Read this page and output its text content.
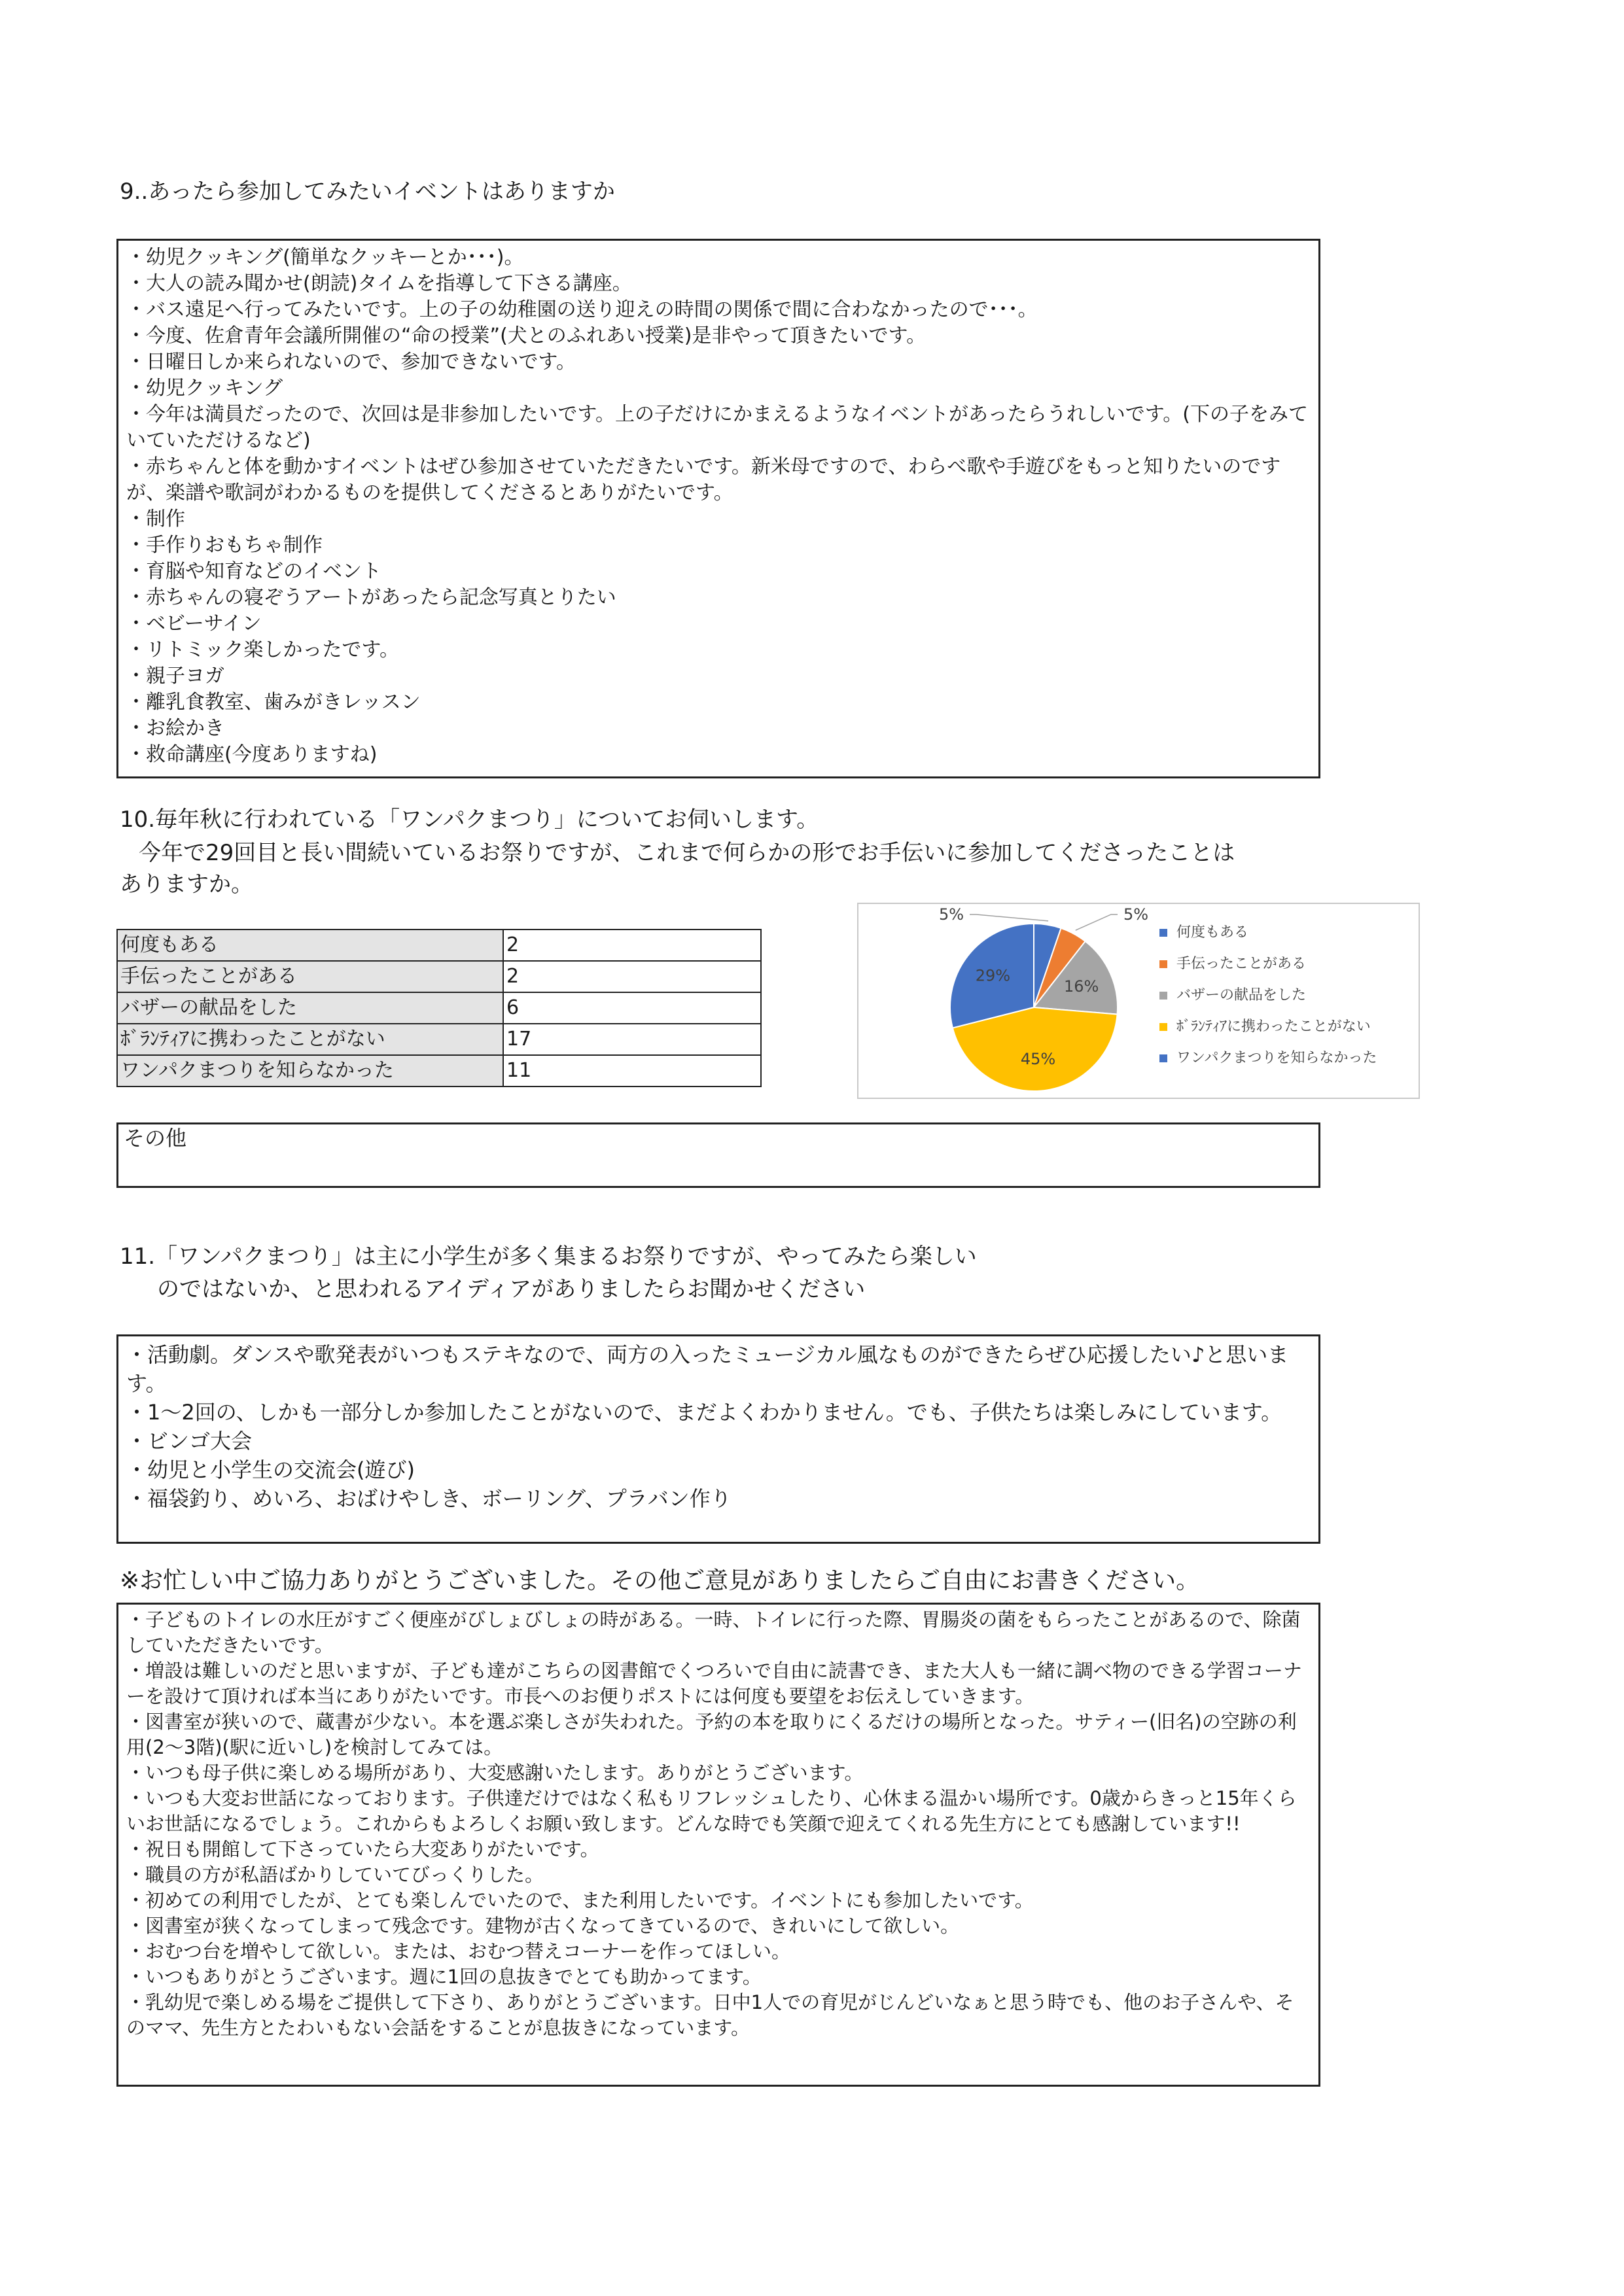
9..あったら参加してみたいイベントはありますか
・幼児クッキング(簡単なクッキーとか･･･)。
・大人の読み聞かせ(朗読)タイムを指導して下さる講座。
・バス遠足へ行ってみたいです。上の子の幼稚園の送り迎えの時間の関係で間に合わなかったので･･･。
・今度、佐倉青年会議所開催の“命の授業”(犬とのふれあい授業)是非やって頂きたいです。
・日曜日しか来られないので、参加できないです。
・幼児クッキング
・今年は満員だったので、次回は是非参加したいです。上の子だけにかまえるようなイベントがあったらうれしいです。(下の子をみていていただけるなど)
・赤ちゃんと体を動かすイベントはぜひ参加させていただきたいです。新米母ですので、わらべ歌や手遊びをもっと知りたいのですが、楽譜や歌詞がわかるものを提供してくださるとありがたいです。
・制作
・手作りおもちゃ制作
・育脳や知育などのイベント
・赤ちゃんの寝ぞうアートがあったら記念写真とりたい
・ベビーサイン
・リトミック楽しかったです。
・親子ヨガ
・離乳食教室、歯みがきレッスン
・お絵かき
・救命講座(今度ありますね)
10.毎年秋に行われている「ワンパクまつり」についてお伺いします。
今年で29回目と長い間続いているお祭りですが、これまで何らかの形でお手伝いに参加してくださったことは
ありますか。
何度もある	2
手伝ったことがある	2
バザーの献品をした	6
ﾎﾞﾗﾝﾃｨｱに携わったことがない	17
ワンパクまつりを知らなかった	11
5%	5%
16%
45%
29%
何度もある
手伝ったことがある
バザーの献品をした
ﾎﾞﾗﾝﾃｨｱに携わったことがない
ワンパクまつりを知らなかった
その他
11.「ワンパクまつり」は主に小学生が多く集まるお祭りですが、やってみたら楽しい
のではないか、と思われるアイディアがありましたらお聞かせください
・活動劇。ダンスや歌発表がいつもステキなので、両方の入ったミュージカル風なものができたらぜひ応援したい♪と思います。
・1～2回の、しかも一部分しか参加したことがないので、まだよくわかりません。でも、子供たちは楽しみにしています。
・ビンゴ大会
・幼児と小学生の交流会(遊び)
・福袋釣り、めいろ、おばけやしき、ボーリング、プラバン作り
※お忙しい中ご協力ありがとうございました。その他ご意見がありましたらご自由にお書きください。
・子どものトイレの水圧がすごく便座がびしょびしょの時がある。一時、トイレに行った際、胃腸炎の菌をもらったことがあるので、除菌していただきたいです。
・増設は難しいのだと思いますが、子ども達がこちらの図書館でくつろいで自由に読書でき、また大人も一緒に調べ物のできる学習コーナーを設けて頂ければ本当にありがたいです。市長へのお便りポストには何度も要望をお伝えしていきます。
・図書室が狭いので、蔵書が少ない。本を選ぶ楽しさが失われた。予約の本を取りにくるだけの場所となった。サティー(旧名)の空跡の利用(2～3階)(駅に近いし)を検討してみては。
・いつも母子供に楽しめる場所があり、大変感謝いたします。ありがとうございます。
・いつも大変お世話になっております。子供達だけではなく私もリフレッシュしたり、心休まる温かい場所です。0歳からきっと15年くらいお世話になるでしょう。これからもよろしくお願い致します。どんな時でも笑顔で迎えてくれる先生方にとても感謝しています!!
・祝日も開館して下さっていたら大変ありがたいです。
・職員の方が私語ばかりしていてびっくりした。
・初めての利用でしたが、とても楽しんでいたので、また利用したいです。イベントにも参加したいです。
・図書室が狭くなってしまって残念です。建物が古くなってきているので、きれいにして欲しい。
・おむつ台を増やして欲しい。または、おむつ替えコーナーを作ってほしい。
・いつもありがとうございます。週に1回の息抜きでとても助かってます。
・乳幼児で楽しめる場をご提供して下さり、ありがとうございます。日中1人での育児がじんどいなぁと思う時でも、他のお子さんや、そのママ、先生方とたわいもない会話をすることが息抜きになっています。
